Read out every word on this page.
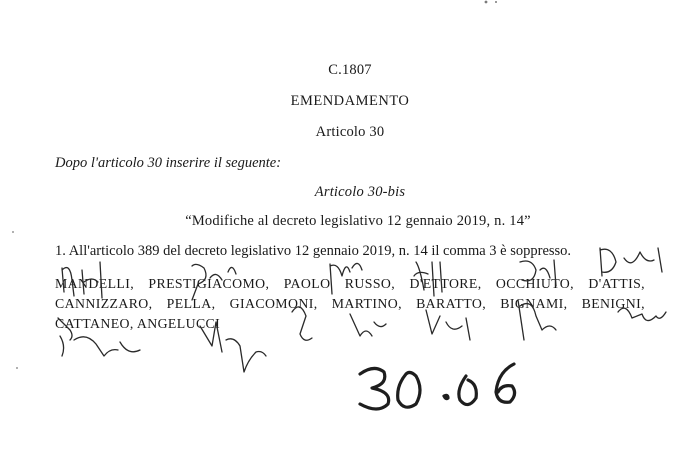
C.1807
EMENDAMENTO
Articolo 30
Dopo l'articolo 30 inserire il seguente:
Articolo 30-bis
“Modifiche al decreto legislativo 12 gennaio 2019, n. 14”
1. All'articolo 389 del decreto legislativo 12 gennaio 2019, n. 14 il comma 3 è soppresso.
MANDELLI, PRESTIGIACOMO, PAOLO RUSSO, D'ETTORE, OCCHIUTO, D'ATTIS,
CANNIZZARO, PELLA, GIACOMONI, MARTINO, BARATTO, BIGNAMI, BENIGNI,
CATTANEO, ANGELUCCI
